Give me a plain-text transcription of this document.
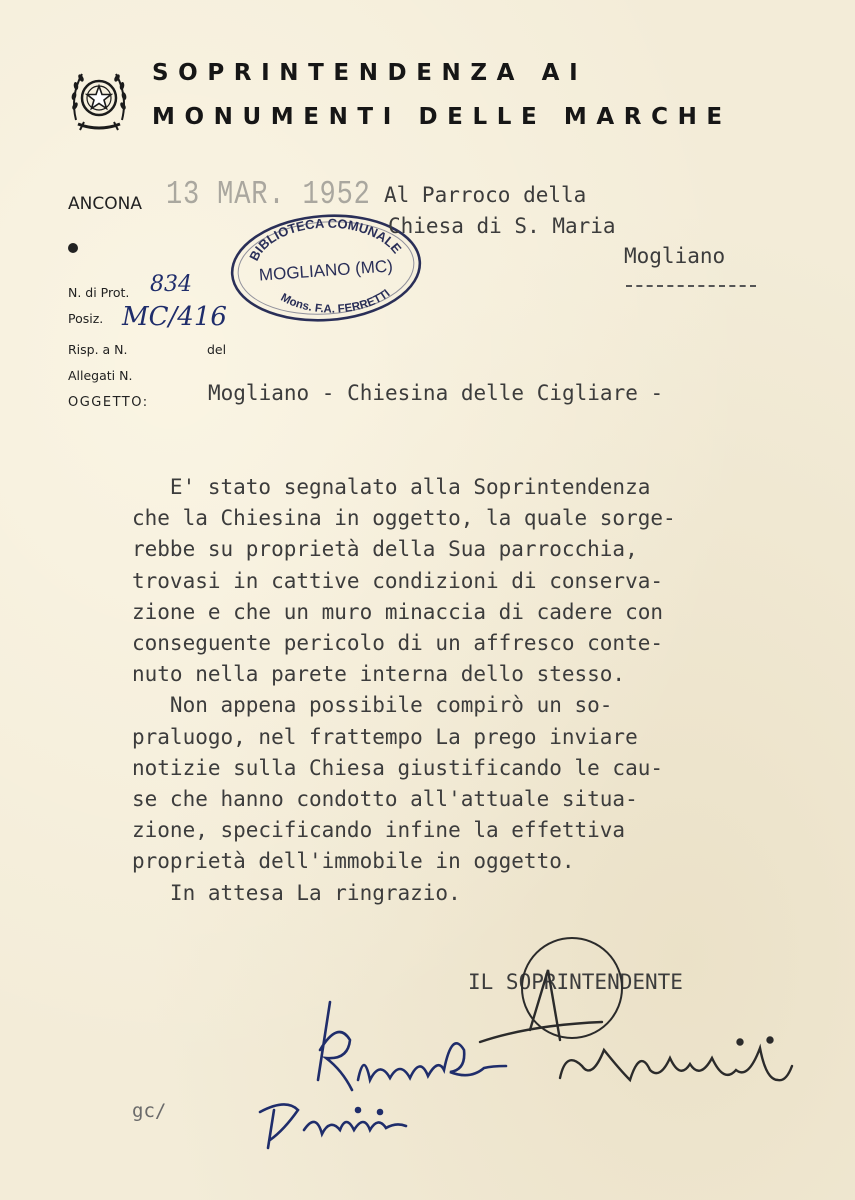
SOPRINTENDENZA AI
MONUMENTI DELLE MARCHE
ANCONA 13 MAR. 1952
N. di Prot. 834
Posiz. MC/416
Risp. a N.	del
Allegati N.
OGGETTO:
BIBLIOTECA COMUNALE
MOGLIANO (MC)
Mons. F.A. FERRETTI
Al Parroco della
Chiesa di S. Maria
Mogliano
Mogliano - Chiesina delle Cigliare -
E' stato segnalato alla Soprintendenza
che la Chiesina in oggetto, la quale sorge-
rebbe su proprietà della Sua parrocchia,
trovasi in cattive condizioni di conserva-
zione e che un muro minaccia di cadere con
conseguente pericolo di un affresco conte-
nuto nella parete interna dello stesso.
Non appena possibile compirò un so-
praluogo, nel frattempo La prego inviare
notizie sulla Chiesa giustificando le cau-
se che hanno condotto all'attuale situa-
zione, specificando infine la effettiva
proprietà dell'immobile in oggetto.
In attesa La ringrazio.
IL SOPRINTENDENTE
gc/
